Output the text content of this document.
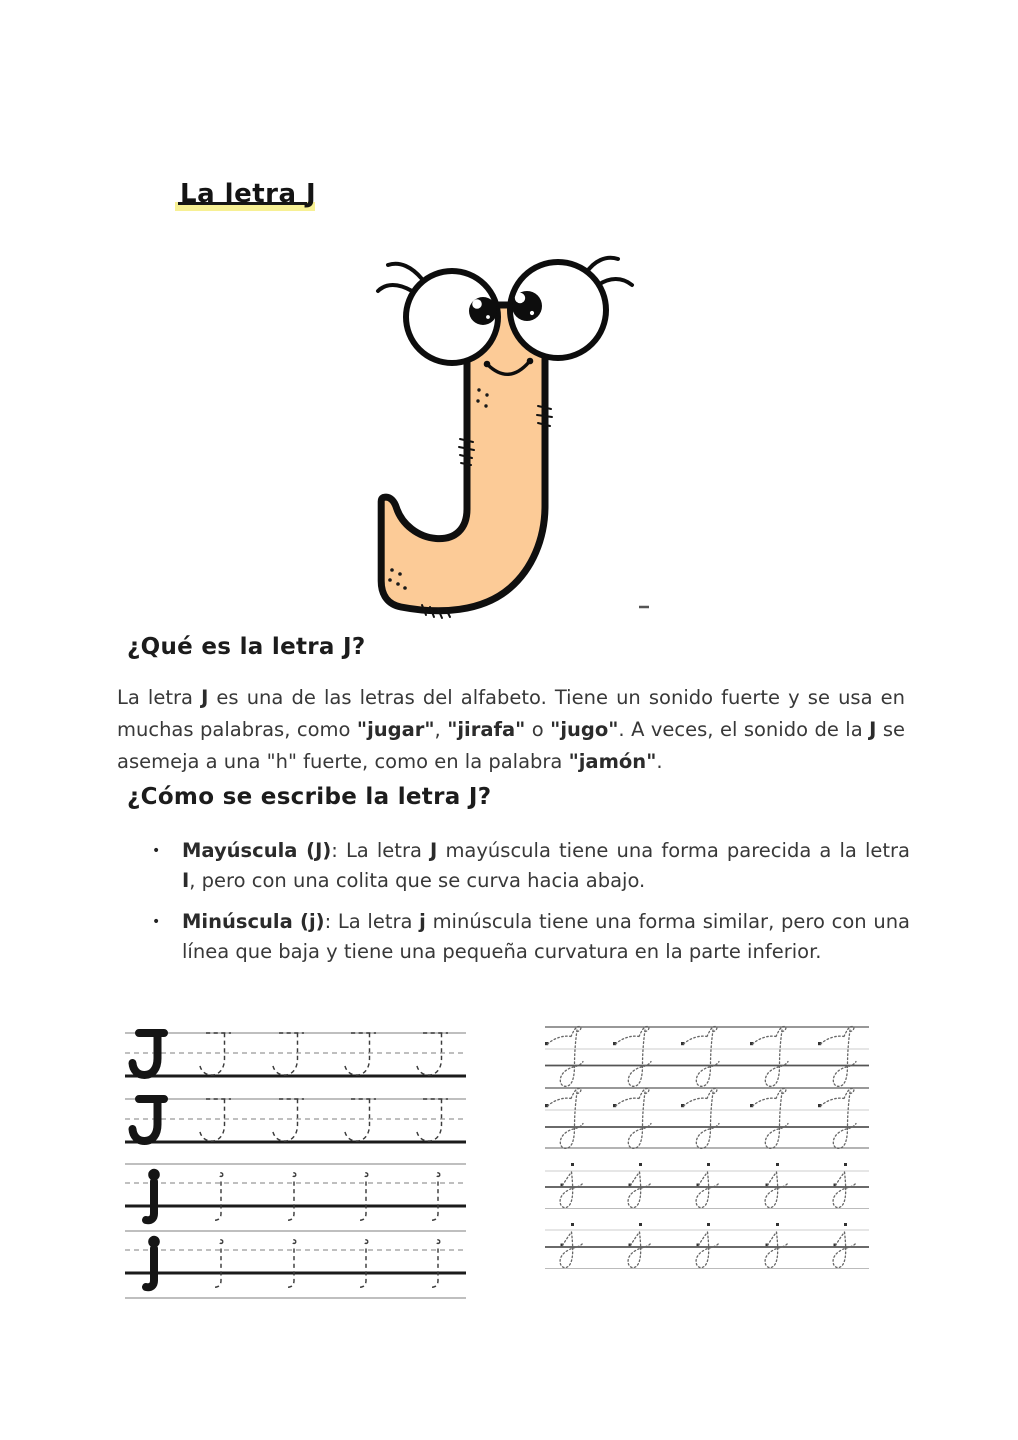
La letra J
¿Qué es la letra J?
La letra J es una de las letras del alfabeto. Tiene un sonido fuerte y se usa en
muchas palabras, como "jugar", "jirafa" o "jugo". A veces, el sonido de la J se
asemeja a una "h" fuerte, como en la palabra "jamón".
¿Cómo se escribe la letra J?
• Mayúscula (J): La letra J mayúscula tiene una forma parecida a la letra
I, pero con una colita que se curva hacia abajo.
• Minúscula (j): La letra j minúscula tiene una forma similar, pero con una
línea que baja y tiene una pequeña curvatura en la parte inferior.
